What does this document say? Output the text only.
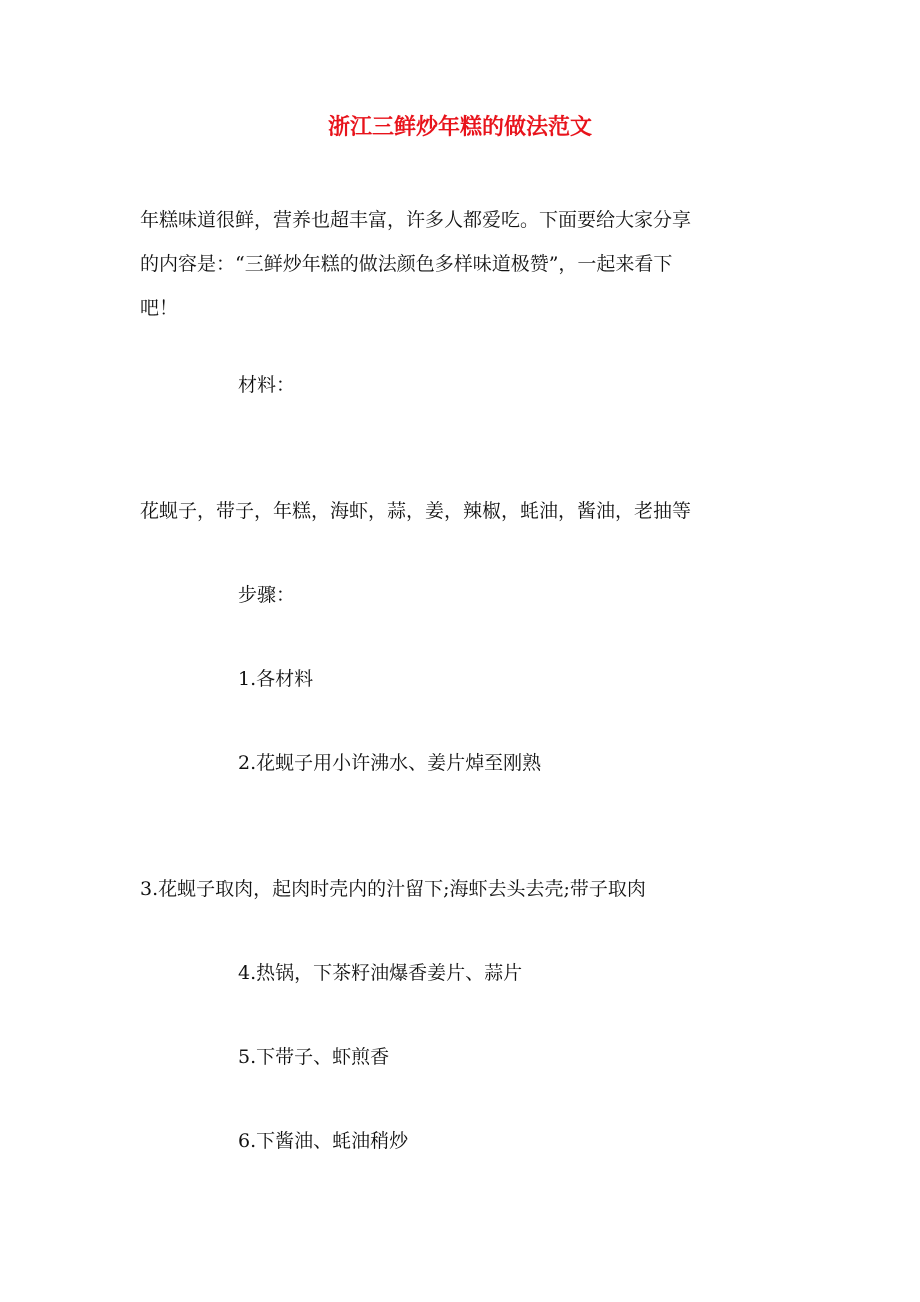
浙江三鲜炒年糕的做法范文
年糕味道很鲜，营养也超丰富，许多人都爱吃。下面要给大家分享
的内容是：“三鲜炒年糕的做法颜色多样味道极赞”，一起来看下
吧！

材料：

花蚬子，带子，年糕，海虾，蒜，姜，辣椒，蚝油，酱油，老抽等

步骤：

1.各材料

2.花蚬子用小许沸水、姜片焯至刚熟

3.花蚬子取肉，起肉时壳内的汁留下;海虾去头去壳;带子取肉

4.热锅，下茶籽油爆香姜片、蒜片

5.下带子、虾煎香

6.下酱油、蚝油稍炒
